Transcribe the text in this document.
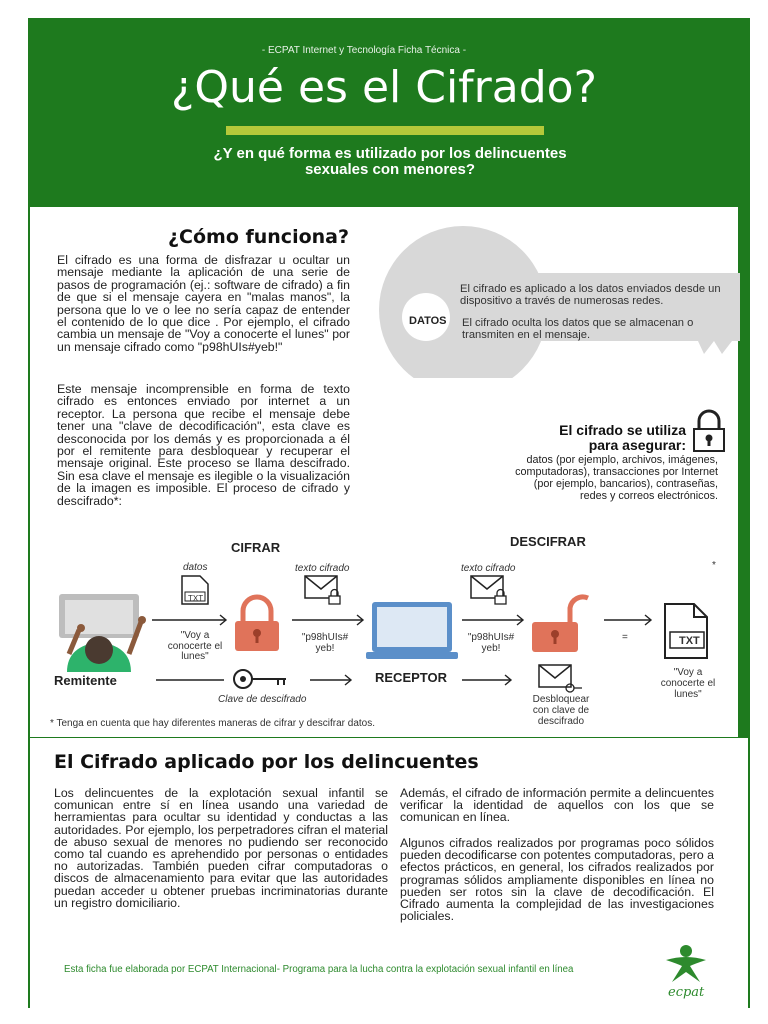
- ECPAT Internet y Tecnología Ficha Técnica -
¿Qué es el Cifrado?
¿Y en qué forma es utilizado por los delincuentes
sexuales con menores?
¿Cómo funciona?
El cifrado es una forma de disfrazar u ocultar un mensaje mediante la aplicación de una serie de pasos de programación (ej.: software de cifrado) a fin de que si el mensaje cayera en "malas manos", la persona que lo ve o lee no sería capaz de entender el contenido de lo que dice . Por ejemplo, el cifrado cambia un mensaje de "Voy a conocerte el lunes" por un mensaje cifrado como "p98hUIs#yeb!"
Este mensaje incomprensible en forma de texto cifrado es entonces enviado por internet a un receptor. La persona que recibe el mensaje debe tener una "clave de decodificación", esta clave es desconocida por los demás y es proporcionada a él por el remitente para desbloquear y recuperar el mensaje original. Este proceso se llama descifrado. Sin esa clave el mensaje es ilegible o la visualización de la imagen es imposible. El proceso de cifrado y descifrado*:
DATOS
El cifrado es aplicado a los datos enviados desde un dispositivo a través de numerosas redes.
El cifrado oculta los datos que se almacenan o transmiten en el mensaje.
El cifrado se utiliza
para asegurar:
datos (por ejemplo, archivos, imágenes, computadoras), transacciones por Internet (por ejemplo, bancarios), contraseñas, redes y correos electrónicos.
CIFRAR	DESCIFRAR
datos
TXT
texto cifrado	texto cifrado
Remitente
"Voy a
conocerte el
lunes"
"p98hUIs#
yeb!
Clave de descifrado
RECEPTOR
"p98hUIs#
yeb!
=
*
Desbloquear
con clave de
descifrado
TXT
"Voy a
conocerte el
lunes"
* Tenga en cuenta que hay diferentes maneras de cifrar y descifrar datos.
El Cifrado aplicado por los delincuentes
Los delincuentes de la explotación sexual infantil se comunican entre sí en línea usando una variedad de herramientas para ocultar su identidad y conductas a las autoridades. Por ejemplo, los perpetradores cifran el material de abuso sexual de menores no pudiendo ser reconocido como tal cuando es aprehendido por personas o entidades no autorizadas. También pueden cifrar computadoras o discos de almacenamiento para evitar que las autoridades puedan acceder u obtener pruebas incriminatorias durante un registro domiciliario.
Además, el cifrado de información permite a delincuentes verificar la identidad de aquellos con los que se comunican en línea.
Algunos cifrados realizados por programas poco sólidos pueden decodificarse con potentes computadoras, pero a efectos prácticos, en general, los cifrados realizados por programas sólidos ampliamente disponibles en línea no pueden ser rotos sin la clave de decodificación. El Cifrado aumenta la complejidad de las investigaciones policiales.
Esta ficha fue elaborada por ECPAT Internacional- Programa para la lucha contra la explotación sexual infantil en línea
ecpat
